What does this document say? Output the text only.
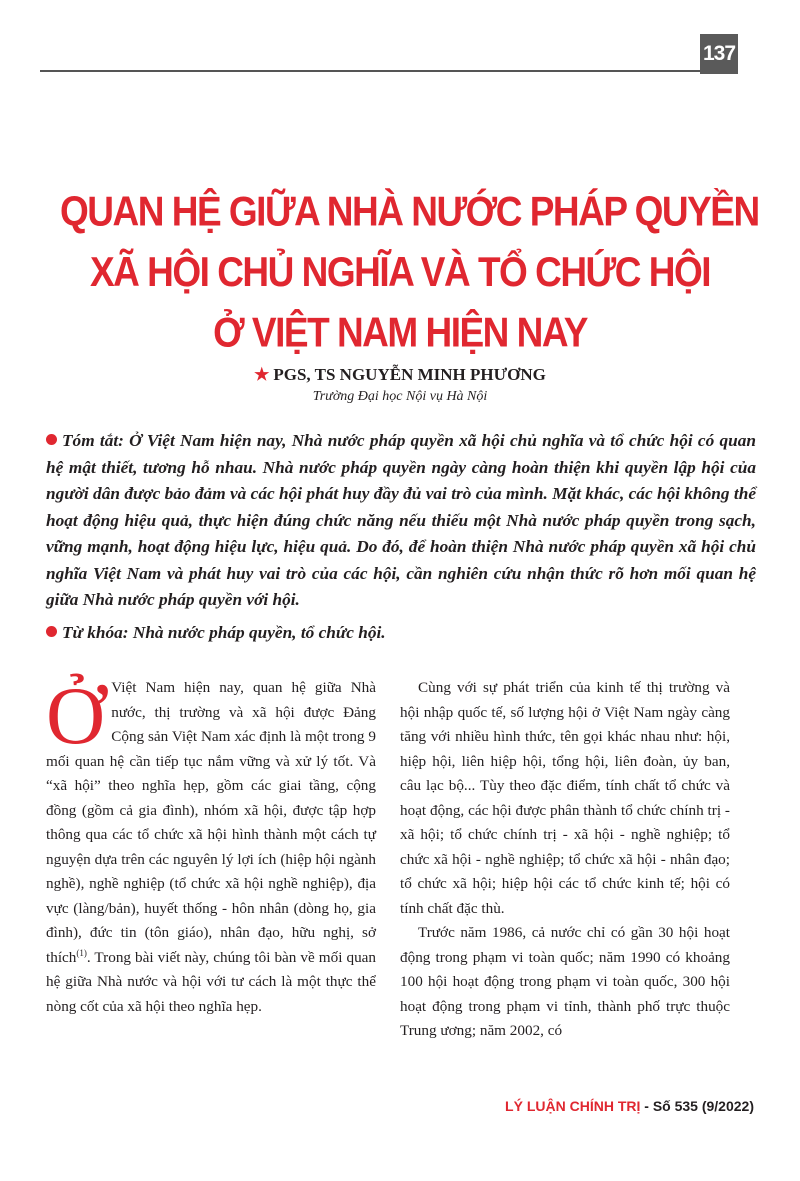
137
QUAN HỆ GIỮA NHÀ NƯỚC PHÁP QUYỀN
XÃ HỘI CHỦ NGHĨA VÀ TỔ CHỨC HỘI
Ở VIỆT NAM HIỆN NAY
★ PGS, TS NGUYỄN MINH PHƯƠNG
Trường Đại học Nội vụ Hà Nội
Tóm tắt: Ở Việt Nam hiện nay, Nhà nước pháp quyền xã hội chủ nghĩa và tổ chức hội có quan hệ mật thiết, tương hỗ nhau. Nhà nước pháp quyền ngày càng hoàn thiện khi quyền lập hội của người dân được bảo đảm và các hội phát huy đầy đủ vai trò của mình. Mặt khác, các hội không thể hoạt động hiệu quả, thực hiện đúng chức năng nếu thiếu một Nhà nước pháp quyền trong sạch, vững mạnh, hoạt động hiệu lực, hiệu quả. Do đó, để hoàn thiện Nhà nước pháp quyền xã hội chủ nghĩa Việt Nam và phát huy vai trò của các hội, cần nghiên cứu nhận thức rõ hơn mối quan hệ giữa Nhà nước pháp quyền với hội.
Từ khóa: Nhà nước pháp quyền, tổ chức hội.

Ở Việt Nam hiện nay, quan hệ giữa Nhà nước, thị trường và xã hội được Đảng Cộng sản Việt Nam xác định là một trong 9 mối quan hệ cần tiếp tục nắm vững và xử lý tốt. Và “xã hội” theo nghĩa hẹp, gồm các giai tầng, cộng đồng (gồm cả gia đình), nhóm xã hội, được tập hợp thông qua các tổ chức xã hội hình thành một cách tự nguyện dựa trên các nguyên lý lợi ích (hiệp hội ngành nghề), nghề nghiệp (tổ chức xã hội nghề nghiệp), địa vực (làng/bản), huyết thống - hôn nhân (dòng họ, gia đình), đức tin (tôn giáo), nhân đạo, hữu nghị, sở thích$^{(1)}$. Trong bài viết này, chúng tôi bàn về mối quan hệ giữa Nhà nước và hội với tư cách là một thực thể nòng cốt của xã hội theo nghĩa hẹp.

Cùng với sự phát triển của kinh tế thị trường và hội nhập quốc tế, số lượng hội ở Việt Nam ngày càng tăng với nhiều hình thức, tên gọi khác nhau như: hội, hiệp hội, liên hiệp hội, tổng hội, liên đoàn, ủy ban, câu lạc bộ... Tùy theo đặc điểm, tính chất tổ chức và hoạt động, các hội được phân thành tổ chức chính trị - xã hội; tổ chức chính trị - xã hội - nghề nghiệp; tổ chức xã hội - nghề nghiệp; tổ chức xã hội - nhân đạo; tổ chức xã hội; hiệp hội các tổ chức kinh tế; hội có tính chất đặc thù.

Trước năm 1986, cả nước chỉ có gần 30 hội hoạt động trong phạm vi toàn quốc; năm 1990 có khoảng 100 hội hoạt động trong phạm vi toàn quốc, 300 hội hoạt động trong phạm vi tỉnh, thành phố trực thuộc Trung ương; năm 2002, có

LÝ LUẬN CHÍNH TRỊ - Số 535 (9/2022)
